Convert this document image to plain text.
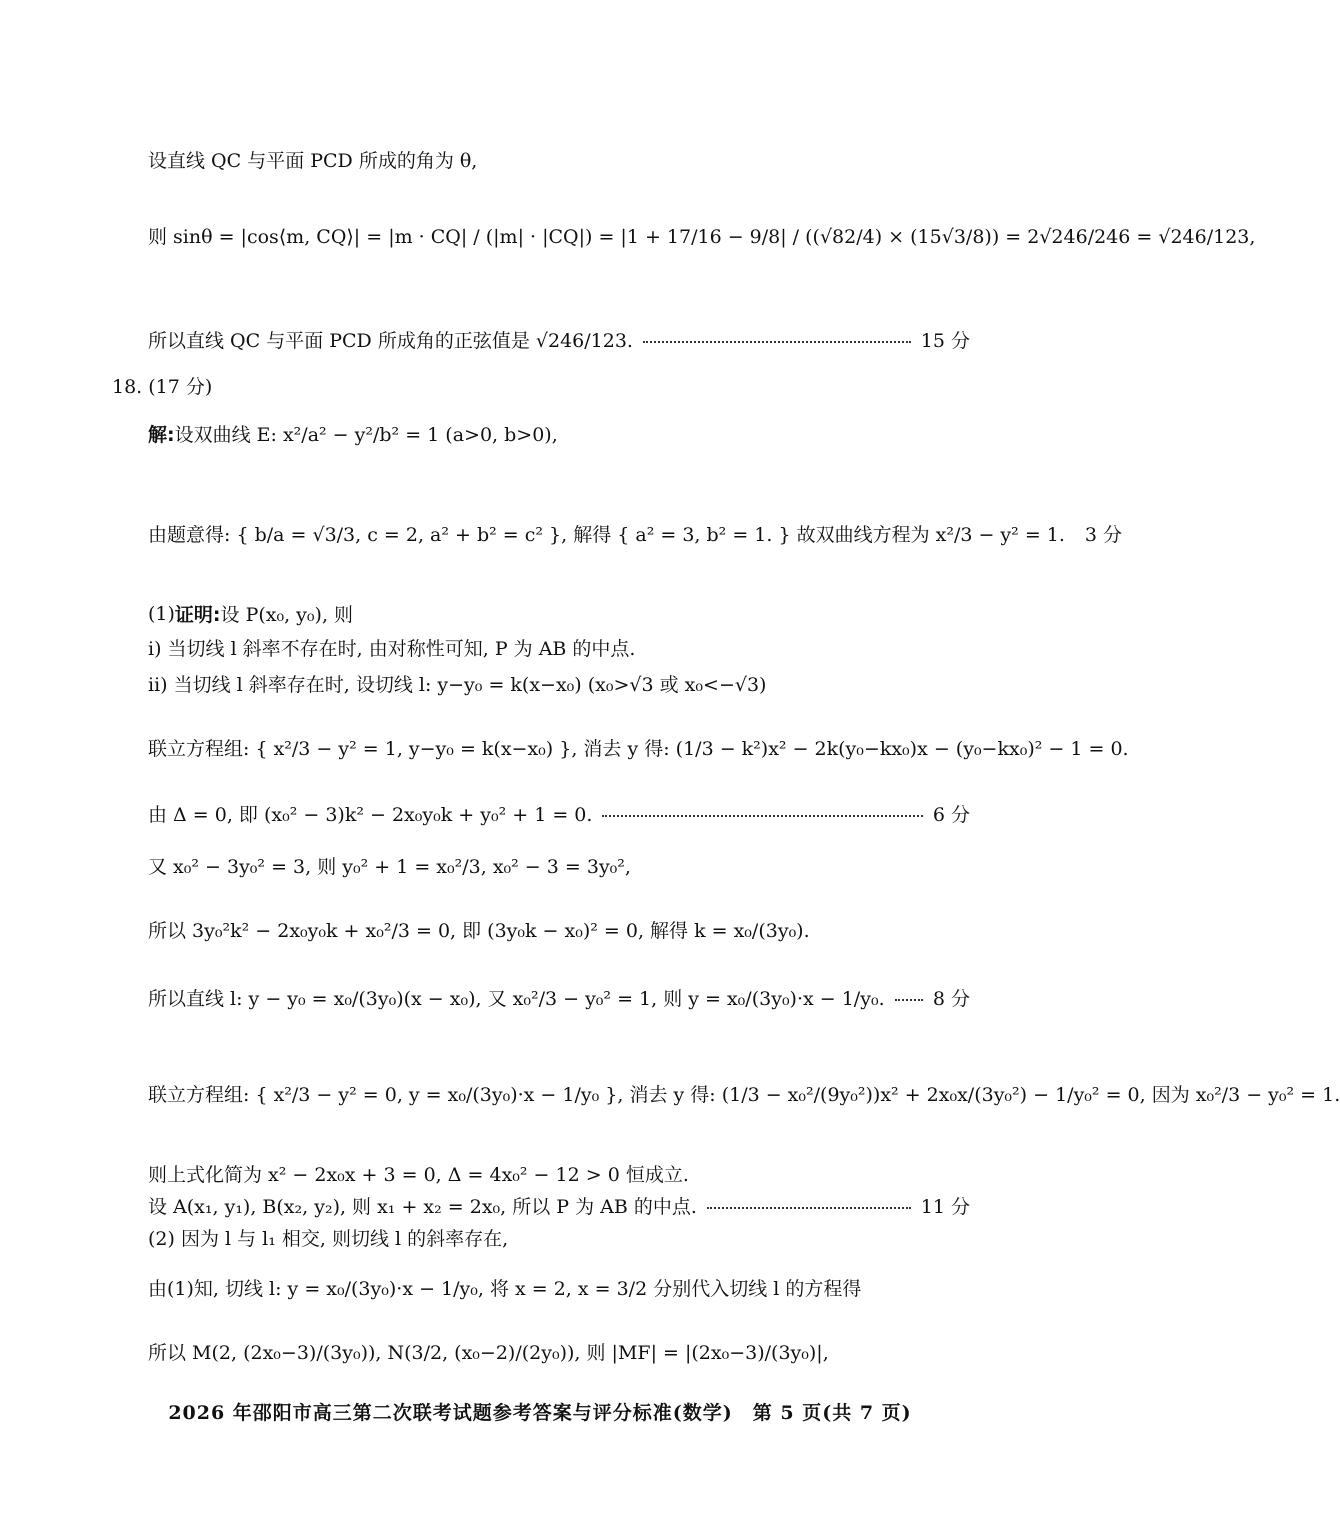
设直线 QC 与平面 PCD 所成的角为 θ,
则 sinθ = |cos⟨m, CQ⟩| = |m · CQ| / (|m| · |CQ|) = |1 + 17/16 − 9/8| / ((√82/4) × (15√3/8)) = 2√246/246 = √246/123,
所以直线 QC 与平面 PCD 所成角的正弦值是 √246/123.	15 分
18. (17 分)
解: 设双曲线 E: x²/a² − y²/b² = 1 (a>0, b>0),
由题意得: { b/a = √3/3, c = 2, a² + b² = c² }, 解得 { a² = 3, b² = 1. } 故双曲线方程为 x²/3 − y² = 1. 3 分
(1) 证明: 设 P(x₀, y₀), 则
ⅰ) 当切线 l 斜率不存在时, 由对称性可知, P 为 AB 的中点.
ⅱ) 当切线 l 斜率存在时, 设切线 l: y−y₀ = k(x−x₀) (x₀>√3 或 x₀<−√3)
联立方程组: { x²/3 − y² = 1, y−y₀ = k(x−x₀) }, 消去 y 得: (1/3 − k²)x² − 2k(y₀−kx₀)x − (y₀−kx₀)² − 1 = 0.
由 Δ = 0, 即 (x₀² − 3)k² − 2x₀y₀k + y₀² + 1 = 0.	6 分
又 x₀² − 3y₀² = 3, 则 y₀² + 1 = x₀²/3, x₀² − 3 = 3y₀²,
所以 3y₀²k² − 2x₀y₀k + x₀²/3 = 0, 即 (3y₀k − x₀)² = 0, 解得 k = x₀/(3y₀).
所以直线 l: y − y₀ = x₀/(3y₀)(x − x₀), 又 x₀²/3 − y₀² = 1, 则 y = x₀/(3y₀)·x − 1/y₀.	8 分
联立方程组: { x²/3 − y² = 0, y = x₀/(3y₀)·x − 1/y₀ }, 消去 y 得: (1/3 − x₀²/(9y₀²))x² + 2x₀x/(3y₀²) − 1/y₀² = 0, 因为 x₀²/3 − y₀² = 1.
则上式化简为 x² − 2x₀x + 3 = 0, Δ = 4x₀² − 12 > 0 恒成立.
设 A(x₁, y₁), B(x₂, y₂), 则 x₁ + x₂ = 2x₀, 所以 P 为 AB 的中点.	11 分
(2) 因为 l 与 l₁ 相交, 则切线 l 的斜率存在,
由(1)知, 切线 l: y = x₀/(3y₀)·x − 1/y₀, 将 x = 2, x = 3/2 分别代入切线 l 的方程得
所以 M(2, (2x₀−3)/(3y₀)), N(3/2, (x₀−2)/(2y₀)), 则 |MF| = |(2x₀−3)/(3y₀)|,
2026 年邵阳市高三第二次联考试题参考答案与评分标准(数学)　第 5 页(共 7 页)
